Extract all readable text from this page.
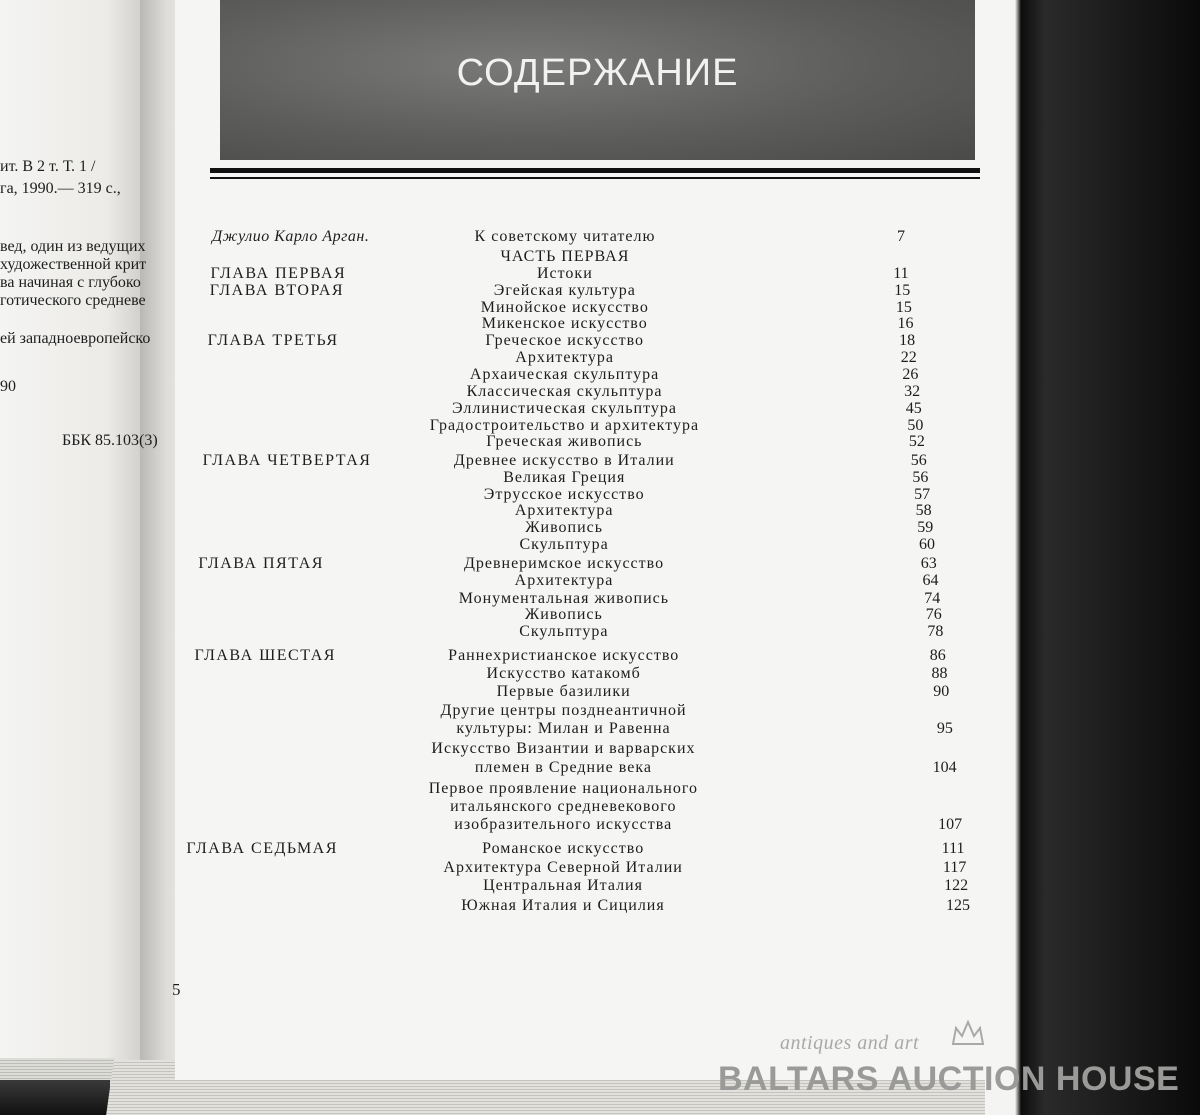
ит. В 2 т. Т. 1 /
га, 1990.— 319 с.,
вед, один из ведущих
художественной крит
ва начиная с глубоко
готического средневе
ей западноевропейско
90
ББК 85.103(3)
СОДЕРЖАНИЕ
Джулио Карло Арган.	К советскому читателю	7
ЧАСТЬ ПЕРВАЯ
ГЛАВА ПЕРВАЯ	Истоки	11
ГЛАВА ВТОРАЯ	Эгейская культура	15
Минойское искусство	15
Микенское искусство	16
ГЛАВА ТРЕТЬЯ	Греческое искусство	18
Архитектура	22
Архаическая скульптура	26
Классическая скульптура	32
Эллинистическая скульптура	45
Градостроительство и архитектура	50
Греческая живопись	52
ГЛАВА ЧЕТВЕРТАЯ	Древнее искусство в Италии	56
Великая Греция	56
Этрусское искусство	57
Архитектура	58
Живопись	59
Скульптура	60
ГЛАВА ПЯТАЯ	Древнеримское искусство	63
Архитектура	64
Монументальная живопись	74
Живопись	76
Скульптура	78
ГЛАВА ШЕСТАЯ	Раннехристианское искусство	86
Искусство катакомб	88
Первые базилики	90
Другие центры позднеантичной
культуры: Милан и Равенна	95
Искусство Византии и варварских
племен в Средние века	104
Первое проявление национального
итальянского средневекового
изобразительного искусства	107
ГЛАВА СЕДЬМАЯ	Романское искусство	111
Архитектура Северной Италии	117
Центральная Италия	122
Южная Италия и Сицилия	125
5
antiques and art
BALTARS AUCTION HOUSE
